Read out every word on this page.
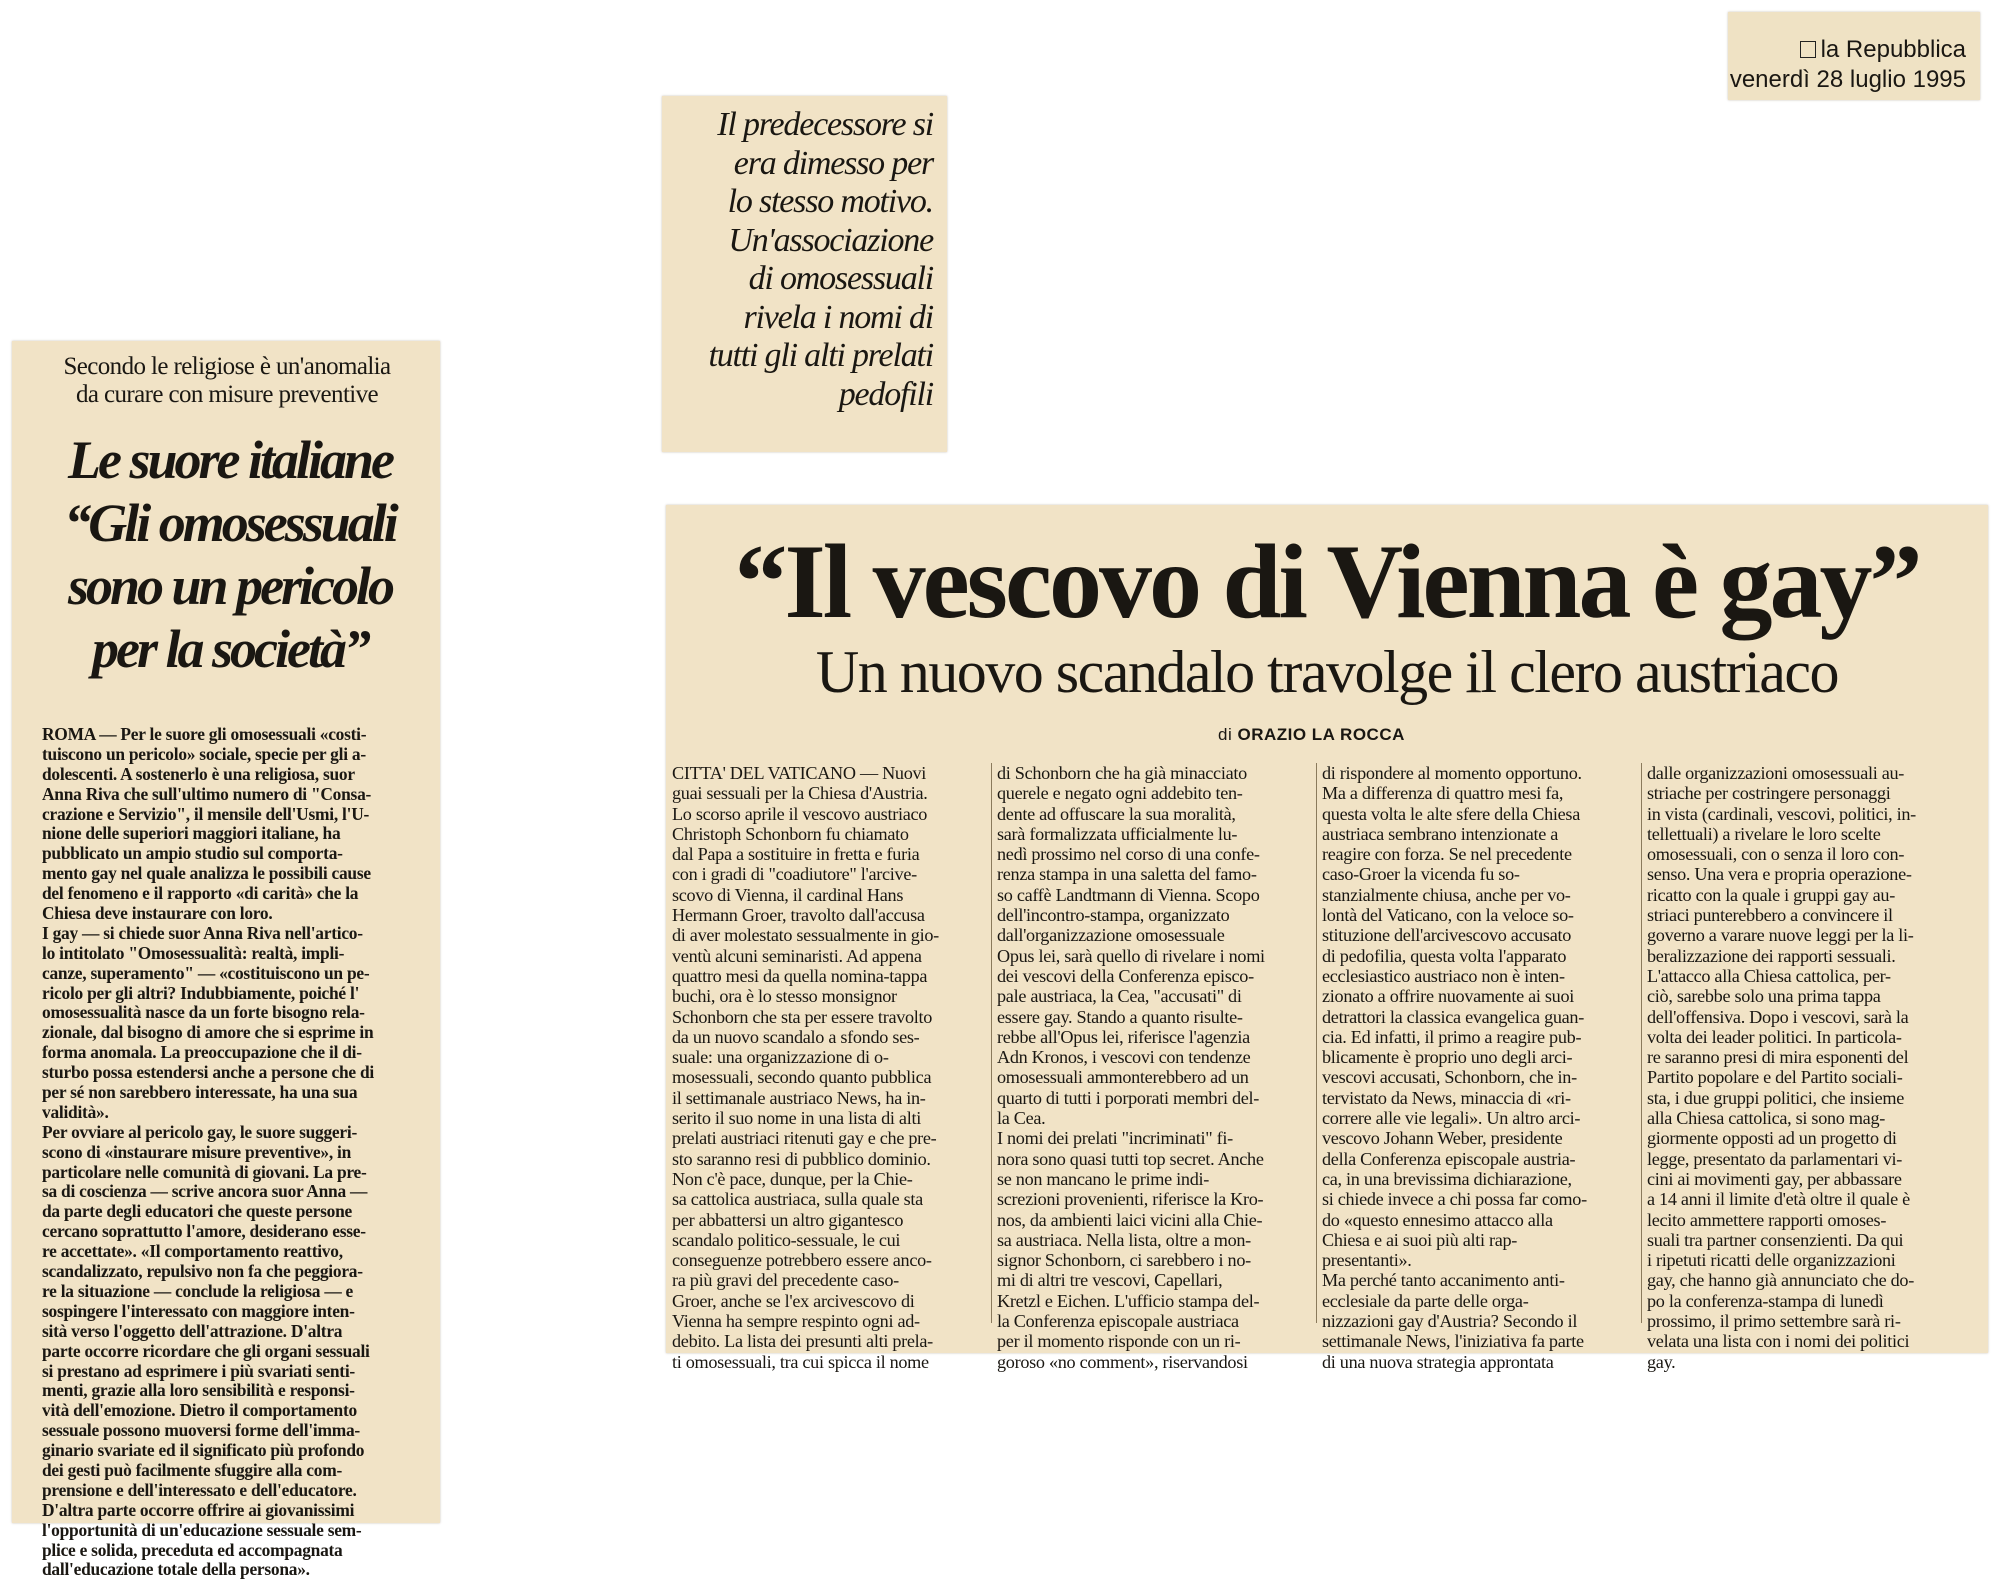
la Repubblica
venerdì 28 luglio 1995
Il predecessore si
era dimesso per
lo stesso motivo.
Un'associazione
di omosessuali
rivela i nomi di
tutti gli alti prelati
pedofili
Secondo le religiose è un'anomalia
da curare con misure preventive
Le suore italiane
“Gli omosessuali
sono un pericolo
per la società”
ROMA — Per le suore gli omosessuali «costi-
tuiscono un pericolo» sociale, specie per gli a-
dolescenti. A sostenerlo è una religiosa, suor
Anna Riva che sull'ultimo numero di "Consa-
crazione e Servizio", il mensile dell'Usmi, l'U-
nione delle superiori maggiori italiane, ha
pubblicato un ampio studio sul comporta-
mento gay nel quale analizza le possibili cause
del fenomeno e il rapporto «di carità» che la
Chiesa deve instaurare con loro.
I gay — si chiede suor Anna Riva nell'artico-
lo intitolato "Omosessualità: realtà, impli-
canze, superamento" — «costituiscono un pe-
ricolo per gli altri? Indubbiamente, poiché l'
omosessualità nasce da un forte bisogno rela-
zionale, dal bisogno di amore che si esprime in
forma anomala. La preoccupazione che il di-
sturbo possa estendersi anche a persone che di
per sé non sarebbero interessate, ha una sua
validità».
Per ovviare al pericolo gay, le suore suggeri-
scono di «instaurare misure preventive», in
particolare nelle comunità di giovani. La pre-
sa di coscienza — scrive ancora suor Anna —
da parte degli educatori che queste persone
cercano soprattutto l'amore, desiderano esse-
re accettate». «Il comportamento reattivo,
scandalizzato, repulsivo non fa che peggiora-
re la situazione — conclude la religiosa — e
sospingere l'interessato con maggiore inten-
sità verso l'oggetto dell'attrazione. D'altra
parte occorre ricordare che gli organi sessuali
si prestano ad esprimere i più svariati senti-
menti, grazie alla loro sensibilità e responsi-
vità dell'emozione. Dietro il comportamento
sessuale possono muoversi forme dell'imma-
ginario svariate ed il significato più profondo
dei gesti può facilmente sfuggire alla com-
prensione e dell'interessato e dell'educatore.
D'altra parte occorre offrire ai giovanissimi
l'opportunità di un'educazione sessuale sem-
plice e solida, preceduta ed accompagnata
dall'educazione totale della persona».
“Il vescovo di Vienna è gay”
Un nuovo scandalo travolge il clero austriaco
di ORAZIO LA ROCCA
CITTA' DEL VATICANO — Nuovi
guai sessuali per la Chiesa d'Austria.
Lo scorso aprile il vescovo austriaco
Christoph Schonborn fu chiamato
dal Papa a sostituire in fretta e furia
con i gradi di "coadiutore" l'arcive-
scovo di Vienna, il cardinal Hans
Hermann Groer, travolto dall'accusa
di aver molestato sessualmente in gio-
ventù alcuni seminaristi. Ad appena
quattro mesi da quella nomina-tappa
buchi, ora è lo stesso monsignor
Schonborn che sta per essere travolto
da un nuovo scandalo a sfondo ses-
suale: una organizzazione di o-
mosessuali, secondo quanto pubblica
il settimanale austriaco News, ha in-
serito il suo nome in una lista di alti
prelati austriaci ritenuti gay e che pre-
sto saranno resi di pubblico dominio.
Non c'è pace, dunque, per la Chie-
sa cattolica austriaca, sulla quale sta
per abbattersi un altro gigantesco
scandalo politico-sessuale, le cui
conseguenze potrebbero essere anco-
ra più gravi del precedente caso-
Groer, anche se l'ex arcivescovo di
Vienna ha sempre respinto ogni ad-
debito. La lista dei presunti alti prela-
ti omosessuali, tra cui spicca il nome
di Schonborn che ha già minacciato
querele e negato ogni addebito ten-
dente ad offuscare la sua moralità,
sarà formalizzata ufficialmente lu-
nedì prossimo nel corso di una confe-
renza stampa in una saletta del famo-
so caffè Landtmann di Vienna. Scopo
dell'incontro-stampa, organizzato
dall'organizzazione omosessuale
Opus lei, sarà quello di rivelare i nomi
dei vescovi della Conferenza episco-
pale austriaca, la Cea, "accusati" di
essere gay. Stando a quanto risulte-
rebbe all'Opus lei, riferisce l'agenzia
Adn Kronos, i vescovi con tendenze
omosessuali ammonterebbero ad un
quarto di tutti i porporati membri del-
la Cea.
I nomi dei prelati "incriminati" fi-
nora sono quasi tutti top secret. Anche
se non mancano le prime indi-
screzioni provenienti, riferisce la Kro-
nos, da ambienti laici vicini alla Chie-
sa austriaca. Nella lista, oltre a mon-
signor Schonborn, ci sarebbero i no-
mi di altri tre vescovi, Capellari,
Kretzl e Eichen. L'ufficio stampa del-
la Conferenza episcopale austriaca
per il momento risponde con un ri-
goroso «no comment», riservandosi
di rispondere al momento opportuno.
Ma a differenza di quattro mesi fa,
questa volta le alte sfere della Chiesa
austriaca sembrano intenzionate a
reagire con forza. Se nel precedente
caso-Groer la vicenda fu so-
stanzialmente chiusa, anche per vo-
lontà del Vaticano, con la veloce so-
stituzione dell'arcivescovo accusato
di pedofilia, questa volta l'apparato
ecclesiastico austriaco non è inten-
zionato a offrire nuovamente ai suoi
detrattori la classica evangelica guan-
cia. Ed infatti, il primo a reagire pub-
blicamente è proprio uno degli arci-
vescovi accusati, Schonborn, che in-
tervistato da News, minaccia di «ri-
correre alle vie legali». Un altro arci-
vescovo Johann Weber, presidente
della Conferenza episcopale austria-
ca, in una brevissima dichiarazione,
si chiede invece a chi possa far como-
do «questo ennesimo attacco alla
Chiesa e ai suoi più alti rap-
presentanti».
Ma perché tanto accanimento anti-
ecclesiale da parte delle orga-
nizzazioni gay d'Austria? Secondo il
settimanale News, l'iniziativa fa parte
di una nuova strategia approntata
dalle organizzazioni omosessuali au-
striache per costringere personaggi
in vista (cardinali, vescovi, politici, in-
tellettuali) a rivelare le loro scelte
omosessuali, con o senza il loro con-
senso. Una vera e propria operazione-
ricatto con la quale i gruppi gay au-
striaci punterebbero a convincere il
governo a varare nuove leggi per la li-
beralizzazione dei rapporti sessuali.
L'attacco alla Chiesa cattolica, per-
ciò, sarebbe solo una prima tappa
dell'offensiva. Dopo i vescovi, sarà la
volta dei leader politici. In particola-
re saranno presi di mira esponenti del
Partito popolare e del Partito sociali-
sta, i due gruppi politici, che insieme
alla Chiesa cattolica, si sono mag-
giormente opposti ad un progetto di
legge, presentato da parlamentari vi-
cini ai movimenti gay, per abbassare
a 14 anni il limite d'età oltre il quale è
lecito ammettere rapporti omoses-
suali tra partner consenzienti. Da qui
i ripetuti ricatti delle organizzazioni
gay, che hanno già annunciato che do-
po la conferenza-stampa di lunedì
prossimo, il primo settembre sarà ri-
velata una lista con i nomi dei politici
gay.
